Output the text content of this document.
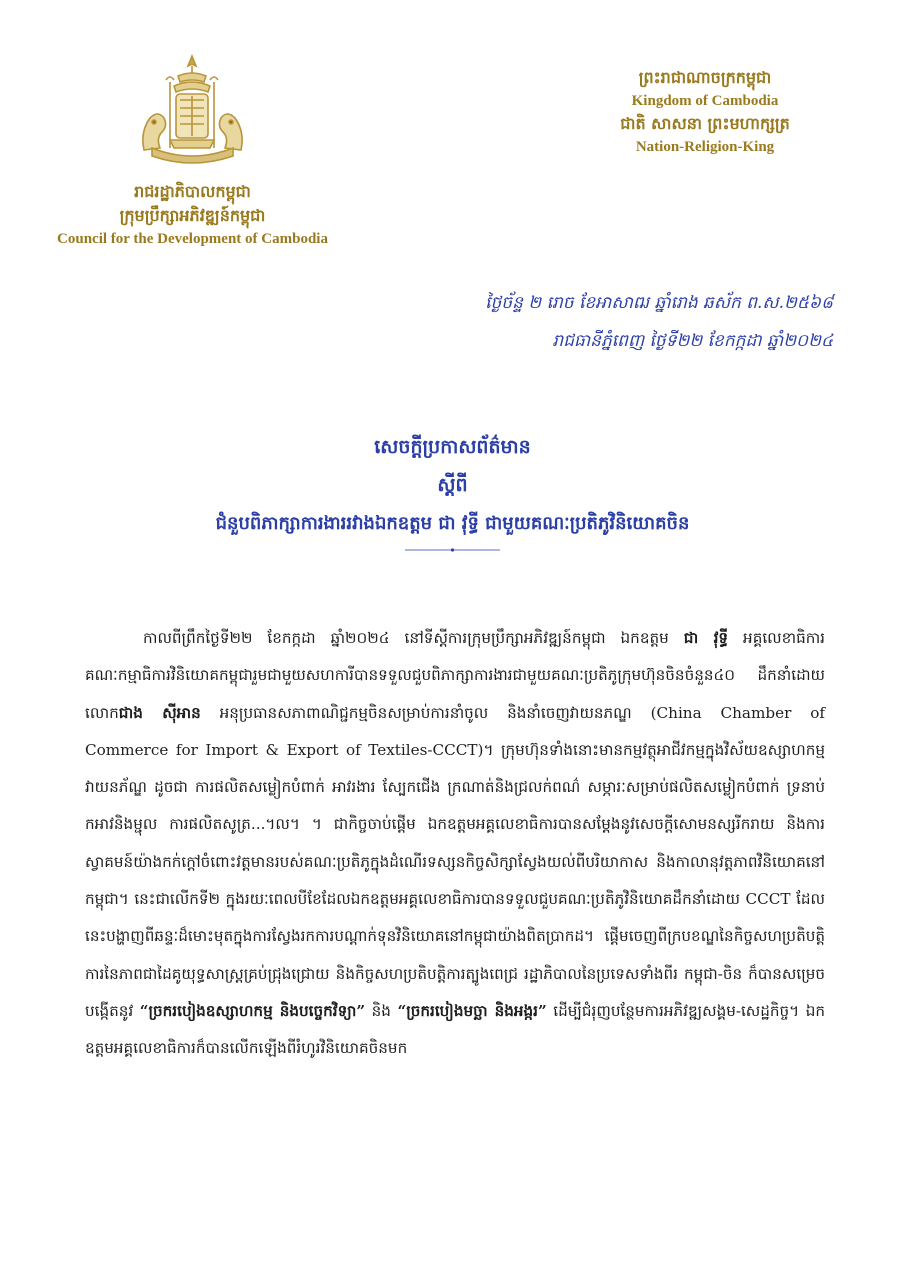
រាជរដ្ឋាភិបាលកម្ពុជា
ក្រុមប្រឹក្សាអភិវឌ្ឍន៍កម្ពុជា
Council for the Development of Cambodia
ព្រះរាជាណាចក្រកម្ពុជា
Kingdom of Cambodia
ជាតិ សាសនា ព្រះមហាក្សត្រ
Nation-Religion-King
ថ្ងៃច័ន្ទ ២ រោច ខែអាសាឍ ឆ្នាំរោង ឆស័ក ព.ស.២៥៦៨
រាជធានីភ្នំពេញ ថ្ងៃទី២២ ខែកក្កដា ឆ្នាំ២០២៤
សេចក្តីប្រកាសព័ត៌មាន
ស្តីពី
ជំនួបពិភាក្សាការងាររវាងឯកឧត្តម ជា វុទ្ធី ជាមួយគណៈប្រតិភូវិនិយោគចិន
កាលពីព្រឹកថ្ងៃទី២២ ខែកក្កដា ឆ្នាំ២០២៤ នៅទីស្តីការក្រុមប្រឹក្សាអភិវឌ្ឍន៍កម្ពុជា ឯកឧត្តម ជា វុទ្ធី អគ្គលេខាធិការគណៈកម្មាធិការវិនិយោគកម្ពុជារួមជាមួយសហការីបានទទួលជួបពិភាក្សាការងារជាមួយគណៈប្រតិភូក្រុមហ៊ុនចិនចំនួន៤០ ដឹកនាំដោយលោកជាង ស៊ីអាន អនុប្រធានសភាពាណិជ្ជកម្មចិនសម្រាប់ការនាំចូល និងនាំចេញវាយនភណ្ឌ (China Chamber of Commerce for Import & Export of Textiles-CCCT)។ ក្រុមហ៊ុនទាំងនោះមានកម្មវត្ថុអាជីវកម្មក្នុងវិស័យឧស្សាហកម្មវាយនភ័ណ្ឌ ដូចជា ការផលិតសម្លៀកបំពាក់ អាវរងារ ស្បែកជើង ក្រណាត់និងជ្រលក់ពណ៌ សម្ភារៈសម្រាប់ផលិតសម្លៀកបំពាក់ ទ្រនាប់កអាវនិងម្ជុល ការផលិតសូត្រ...។ល។ ។ ជាកិច្ចចាប់ផ្តើម ឯកឧត្តមអគ្គលេខាធិការបានសម្តែងនូវសេចក្តីសោមនស្សរីករាយ និងការស្វាគមន៍យ៉ាងកក់ក្តៅចំពោះវត្តមានរបស់គណៈប្រតិភូក្នុងដំណើរទស្សនកិច្ចសិក្សាស្វែងយល់ពីបរិយាកាស និងកាលានុវត្តភាពវិនិយោគនៅកម្ពុជា។ នេះជាលើកទី២ ក្នុងរយៈពេលបីខែដែលឯកឧត្តមអគ្គលេខាធិការបានទទួលជួបគណៈប្រតិភូវិនិយោគដឹកនាំដោយ CCCT ដែលនេះបង្ហាញពីឆន្ទៈដ៏មោះមុតក្នុងការស្វែងរកការបណ្តាក់ទុនវិនិយោគនៅកម្ពុជាយ៉ាងពិតប្រាកដ។ ផ្តើមចេញពីក្របខណ្ឌនៃកិច្ចសហប្រតិបត្តិការនៃភាពជាដៃគូយុទ្ធសាស្ត្រគ្រប់ជ្រុងជ្រោយ និងកិច្ចសហប្រតិបត្តិការត្បូងពេជ្រ រដ្ឋាភិបាលនៃប្រទេសទាំងពីរ កម្ពុជា-ចិន ក៏បានសម្រេចបង្កើតនូវ “ច្រករបៀងឧស្សាហកម្ម និងបច្ចេកវិទ្យា” និង “ច្រករបៀងមច្ឆា និងអង្ករ” ដើម្បីជំរុញបន្ថែមការអភិវឌ្ឍសង្គម-សេដ្ឋកិច្ច។ ឯកឧត្តមអគ្គលេខាធិការក៏បានលើកឡើងពីរំហូរវិនិយោគចិនមក
